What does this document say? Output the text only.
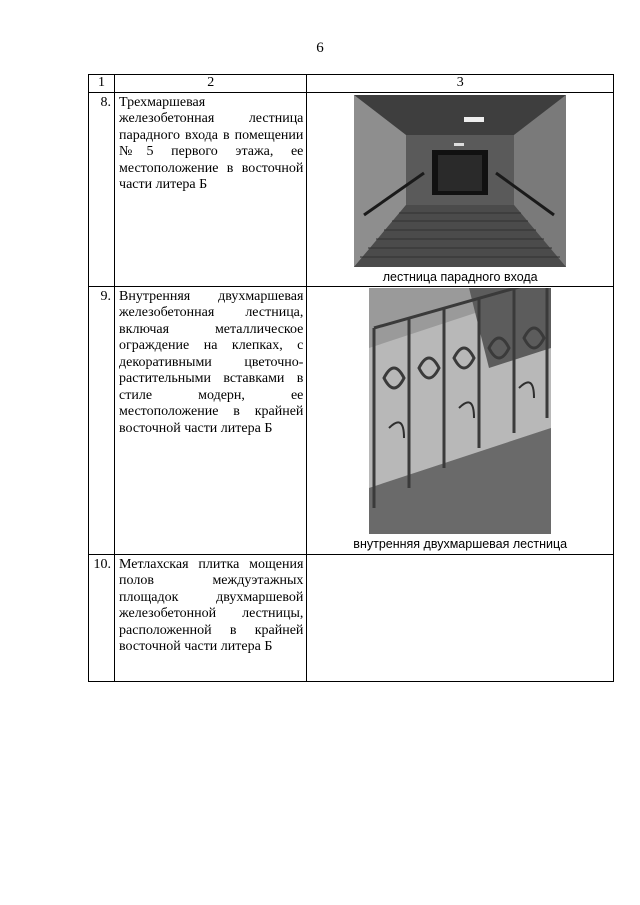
6
1	2	3
8.	Трехмаршевая железобетонная лестница парадного входа в помещении №5 первого этажа, ее местоположение в восточной части литера Б	лестница парадного входа

9.	Внутренняя двухмаршевая железобетонная лестница, включая металлическое ограждение на клепках, с декоративными цветочно-растительными вставками в стиле модерн, ее местоположение в крайней восточной части литера Б	внутренняя двухмаршевая лестница

10.	Метлахская плитка мощения полов междуэтажных площадок двухмаршевой железобетонной лестницы, расположенной в крайней восточной части литера Б	
